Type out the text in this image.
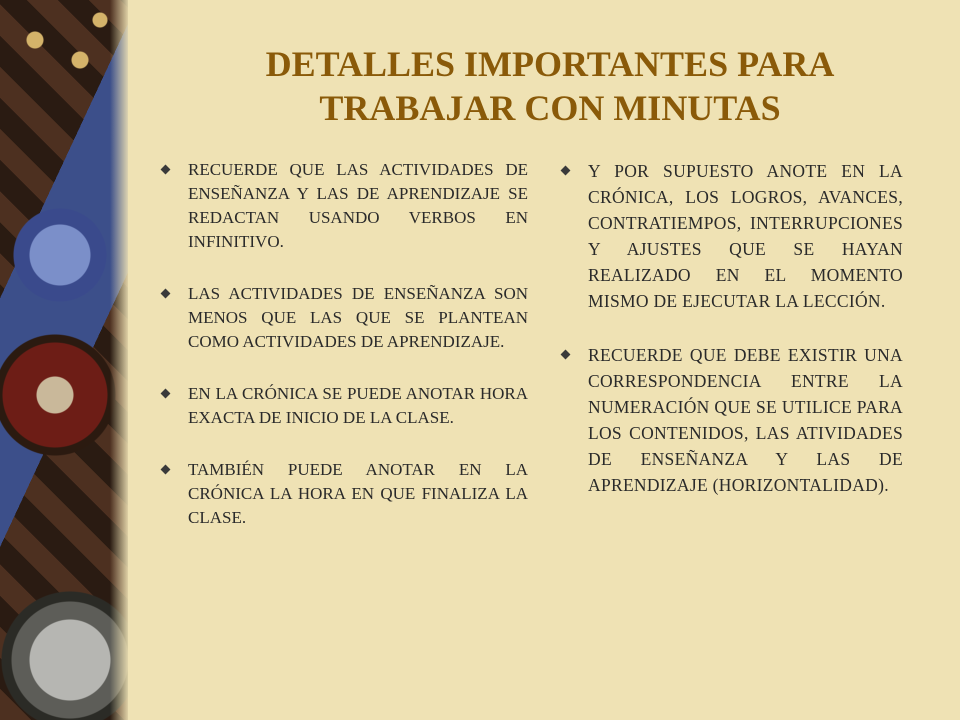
DETALLES IMPORTANTES PARA TRABAJAR CON MINUTAS
RECUERDE QUE LAS ACTIVIDADES DE ENSEÑANZA Y LAS DE APRENDIZAJE SE REDACTAN USANDO VERBOS EN INFINITIVO.
LAS ACTIVIDADES DE ENSEÑANZA SON MENOS QUE LAS QUE SE PLANTEAN COMO ACTIVIDADES DE APRENDIZAJE.
EN LA CRÓNICA SE PUEDE ANOTAR HORA EXACTA DE INICIO DE LA CLASE.
TAMBIÉN PUEDE ANOTAR EN LA CRÓNICA LA HORA EN QUE FINALIZA LA CLASE.
Y POR SUPUESTO ANOTE EN LA CRÓNICA, LOS LOGROS, AVANCES, CONTRATIEMPOS, INTERRUPCIONES Y AJUSTES QUE SE HAYAN REALIZADO EN EL MOMENTO MISMO DE EJECUTAR LA LECCIÓN.
RECUERDE QUE DEBE EXISTIR UNA CORRESPONDENCIA ENTRE LA NUMERACIÓN QUE SE UTILICE PARA LOS CONTENIDOS, LAS ATIVIDADES DE ENSEÑANZA Y LAS DE APRENDIZAJE (HORIZONTALIDAD).
